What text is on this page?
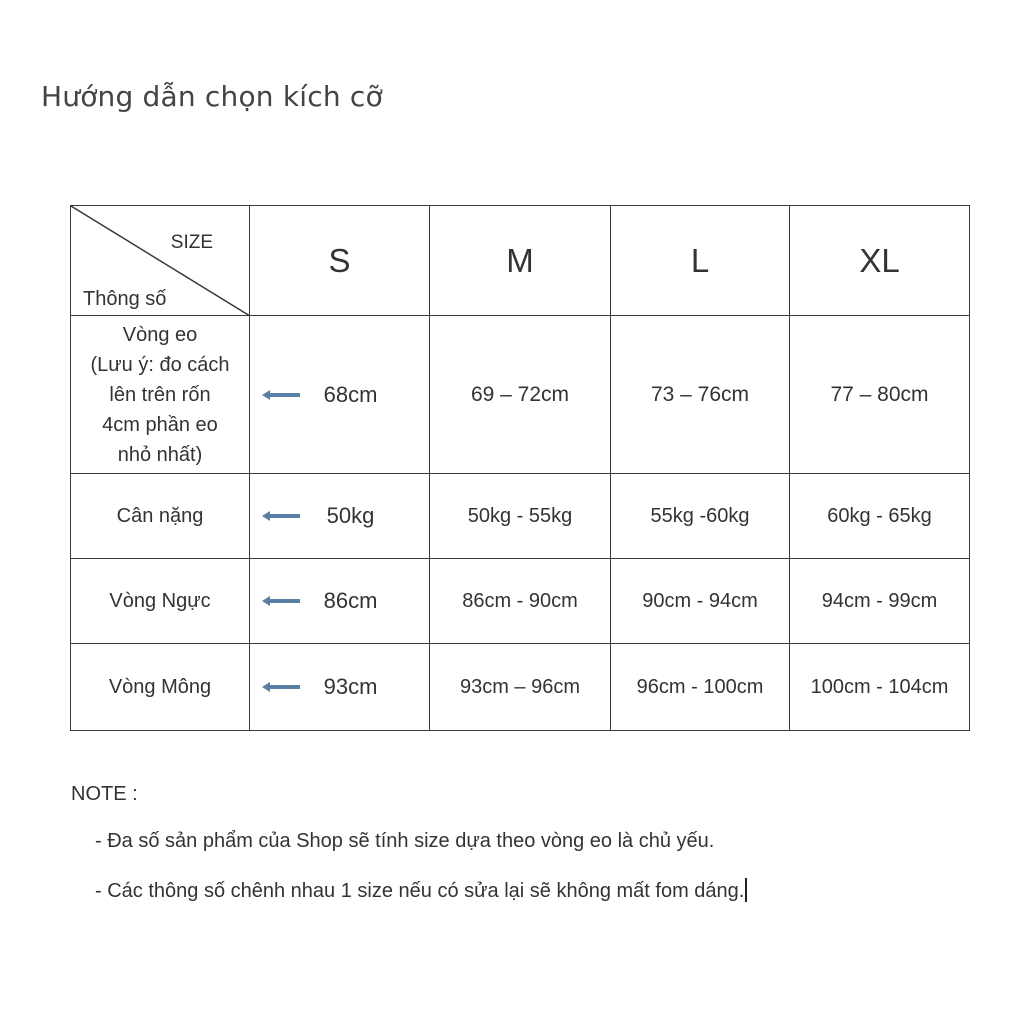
Hướng dẫn chọn kích cỡ
SIZE
Thông số	S	M	L	XL

Vòng eo
(Lưu ý: đo cách
lên trên rốn
4cm phần eo
nhỏ nhất)	68cm	69 – 72cm	73 – 76cm	77 – 80cm
Cân nặng	50kg	50kg - 55kg	55kg -60kg	60kg - 65kg
Vòng Ngực	86cm	86cm - 90cm	90cm - 94cm	94cm - 99cm
Vòng Mông	93cm	93cm – 96cm	96cm - 100cm	100cm - 104cm
NOTE :
- Đa số sản phẩm của Shop sẽ tính size dựa theo vòng eo là chủ yếu.
- Các thông số chênh nhau 1 size nếu có sửa lại sẽ không mất fom dáng.
